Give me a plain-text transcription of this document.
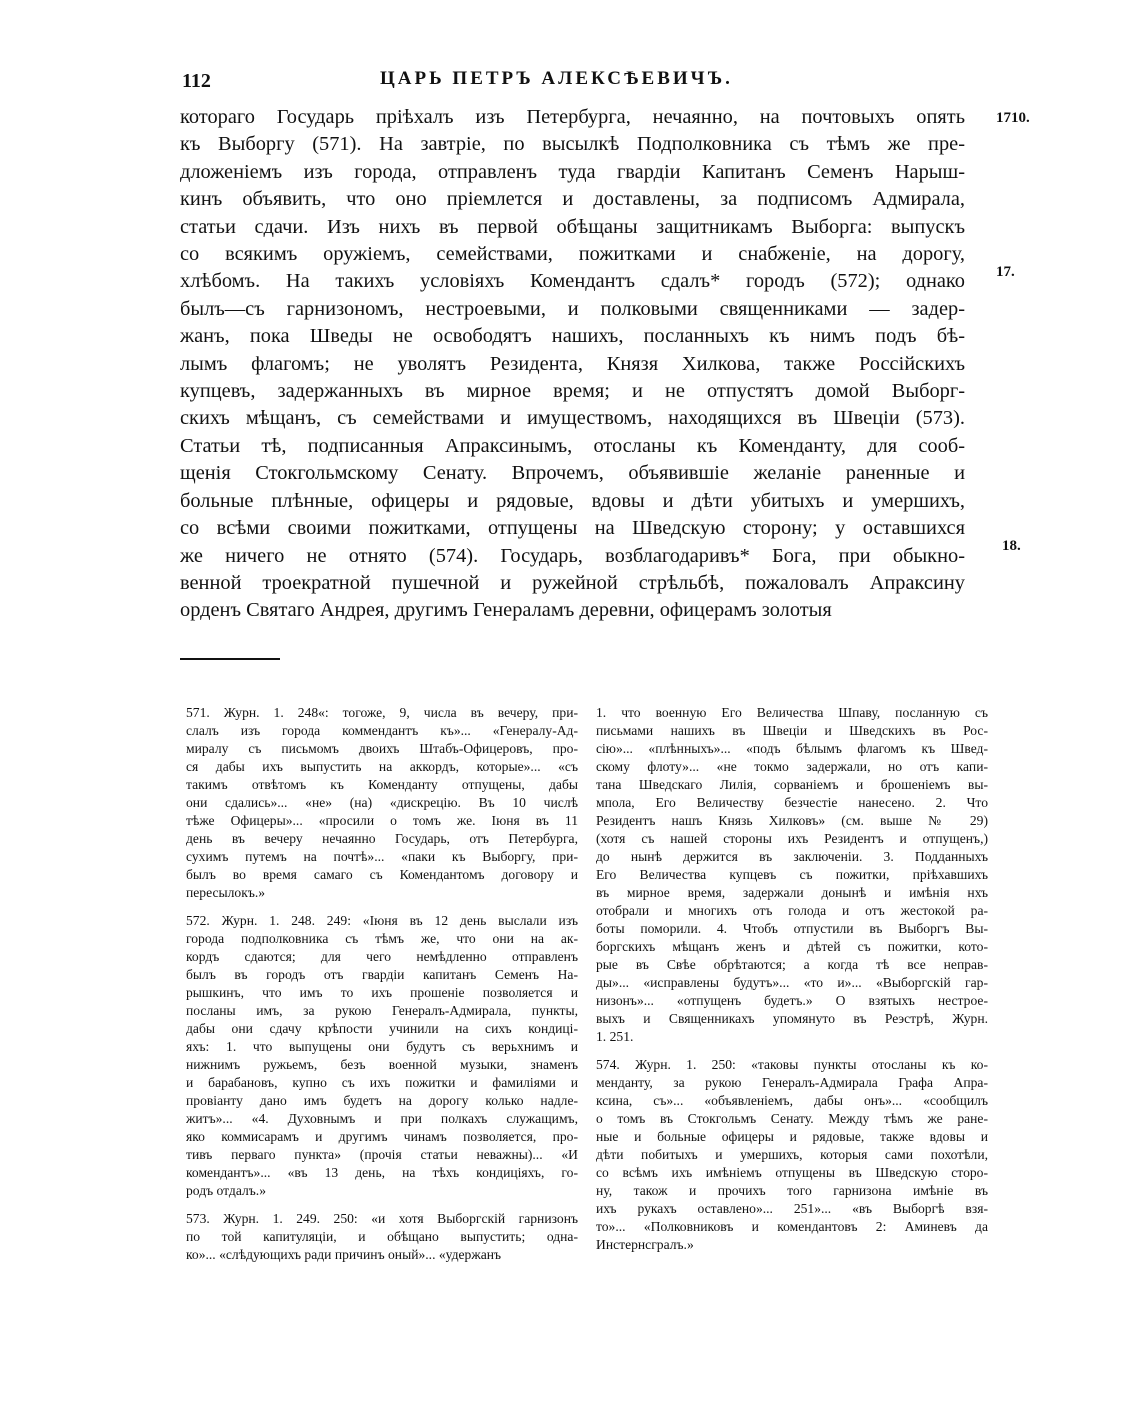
112	ЦАРЬ ПЕТРЪ АЛЕКСѢЕВИЧЪ.
1710.
17.
18.
котораго Государь пріѣхалъ изъ Петербурга, нечаянно, на почтовыхъ опять
къ Выборгу (571). На завтріе, по высылкѣ Подполковника съ тѣмъ же пре-
дложеніемъ изъ города, отправленъ туда гвардіи Капитанъ Семенъ Нарыш-
кинъ объявить, что оно пріемлется и доставлены, за подписомъ Адмирала,
статьи сдачи. Изъ нихъ въ первой обѣщаны защитникамъ Выборга: выпускъ
со всякимъ оружіемъ, семействами, пожитками и снабженіе, на дорогу,
хлѣбомъ. На такихъ условіяхъ Комендантъ сдалъ* городъ (572); однако
былъ—съ гарнизономъ, нестроевыми, и полковыми священниками — задер-
жанъ, пока Шведы не освободятъ нашихъ, посланныхъ къ нимъ подъ бѣ-
лымъ флагомъ; не уволятъ Резидента, Князя Хилкова, также Россійскихъ
купцевъ, задержанныхъ въ мирное время; и не отпустятъ домой Выборг-
скихъ мѣщанъ, съ семействами и имуществомъ, находящихся въ Швеціи (573).
Статьи тѣ, подписанныя Апраксинымъ, отосланы къ Коменданту, для сооб-
щенія Стокгольмскому Сенату. Впрочемъ, объявившіе желаніе раненные и
больные плѣнные, офицеры и рядовые, вдовы и дѣти убитыхъ и умершихъ,
со всѣми своими пожитками, отпущены на Шведскую сторону; у оставшихся
же ничего не отнято (574). Государь, возблагодаривъ* Бога, при обыкно-
венной троекратной пушечной и ружейной стрѣльбѣ, пожаловалъ Апраксину
орденъ Святаго Андрея, другимъ Генераламъ деревни, офицерамъ золотыя
571. Журн. 1. 248«: тогоже, 9, числа въ вечеру, при-
слалъ изъ города коммендантъ къ»... «Генералу-Ад-
миралу съ письмомъ двоихъ Штабъ-Офицеровъ, про-
ся дабы ихъ выпустить на аккордъ, которые»... «съ
такимъ отвѣтомъ къ Коменданту отпущены, дабы
они сдались»... «не» (на) «дискрецію. Въ 10 числѣ
тѣже Офицеры»... «просили о томъ же. Іюня въ 11
день въ вечеру нечаянно Государь, отъ Петербурга,
сухимъ путемъ на почтѣ»... «паки къ Выборгу, при-
былъ во время самаго съ Комендантомъ договору и
пересылокъ.»
572. Журн. 1. 248. 249: «Іюня въ 12 день выслали изъ
города подполковника съ тѣмъ же, что они на ак-
кордъ сдаются; для чего немѣдленно отправленъ
былъ въ городъ отъ гвардіи капитанъ Семенъ На-
рышкинъ, что имъ то ихъ прошеніе позволяется и
посланы имъ, за рукою Генералъ-Адмирала, пункты,
дабы они сдачу крѣпости учинили на сихъ кондиці-
яхъ: 1. что выпущены они будутъ съ верьхнимъ и
нижнимъ ружьемъ, безъ военной музыки, знаменъ
и барабановъ, купно съ ихъ пожитки и фамиліями и
провіанту дано имъ будетъ на дорогу колько надле-
житъ»... «4. Духовнымъ и при полкахъ служащимъ,
яко коммисарамъ и другимъ чинамъ позволяется, про-
тивъ перваго пункта» (прочія статьи неважны)... «И
комендантъ»... «въ 13 день, на тѣхъ кондиціяхъ, го-
родъ отдалъ.»
573. Журн. 1. 249. 250: «и хотя Выборгскій гарнизонъ
по той капитуляціи, и обѣщано выпустить; одна-
ко»... «слѣдующихъ ради причинъ оный»... «удержанъ
1. что военную Его Величества Шпаву, посланную съ
письмами нашихъ въ Швеціи и Шведскихъ въ Рос-
сію»... «плѣнныхъ»... «подъ бѣлымъ флагомъ къ Швед-
скому флоту»... «не токмо задержали, но отъ капи-
тана Шведскаго Лилія, сорваніемъ и брошеніемъ вы-
мпола, Его Величеству безчестіе нанесено. 2. Что
Резидентъ нашъ Князь Хилковъ» (см. выше № 29)
(хотя съ нашей стороны ихъ Резидентъ и отпущенъ,)
до нынѣ держится въ заключеніи. 3. Подданныхъ
Его Величества купцевъ съ пожитки, пріѣхавшихъ
въ мирное время, задержали донынѣ и имѣнія нхъ
отобрали и многихъ отъ голода и отъ жестокой ра-
боты поморили. 4. Чтобъ отпустили въ Выборгъ Вы-
боргскихъ мѣщанъ женъ и дѣтей съ пожитки, кото-
рые въ Свѣе обрѣтаются; а когда тѣ все неправ-
ды»... «исправлены будутъ»... «то и»... «Выборгскій гар-
низонъ»... «отпущенъ будетъ.» О взятыхъ нестрое-
выхъ и Священникахъ упомянуто въ Реэстрѣ, Журн.
1. 251.
574. Журн. 1. 250: «таковы пункты отосланы къ ко-
менданту, за рукою Генералъ-Адмирала Графа Апра-
ксина, съ»... «объявленіемъ, дабы онъ»... «сообщилъ
о томъ въ Стокгольмъ Сенату. Между тѣмъ же ране-
ные и больные офицеры и рядовые, также вдовы и
дѣти побитыхъ и умершихъ, которыя сами похотѣли,
со всѣмъ ихъ имѣніемъ отпущены въ Шведскую сторо-
ну, також и прочихъ того гарнизона имѣніе въ
ихъ рукахъ оставлено»... 251»... «въ Выборгѣ взя-
то»... «Полковниковъ и комендантовъ 2: Аминевъ да
Инстернсгралъ.»
